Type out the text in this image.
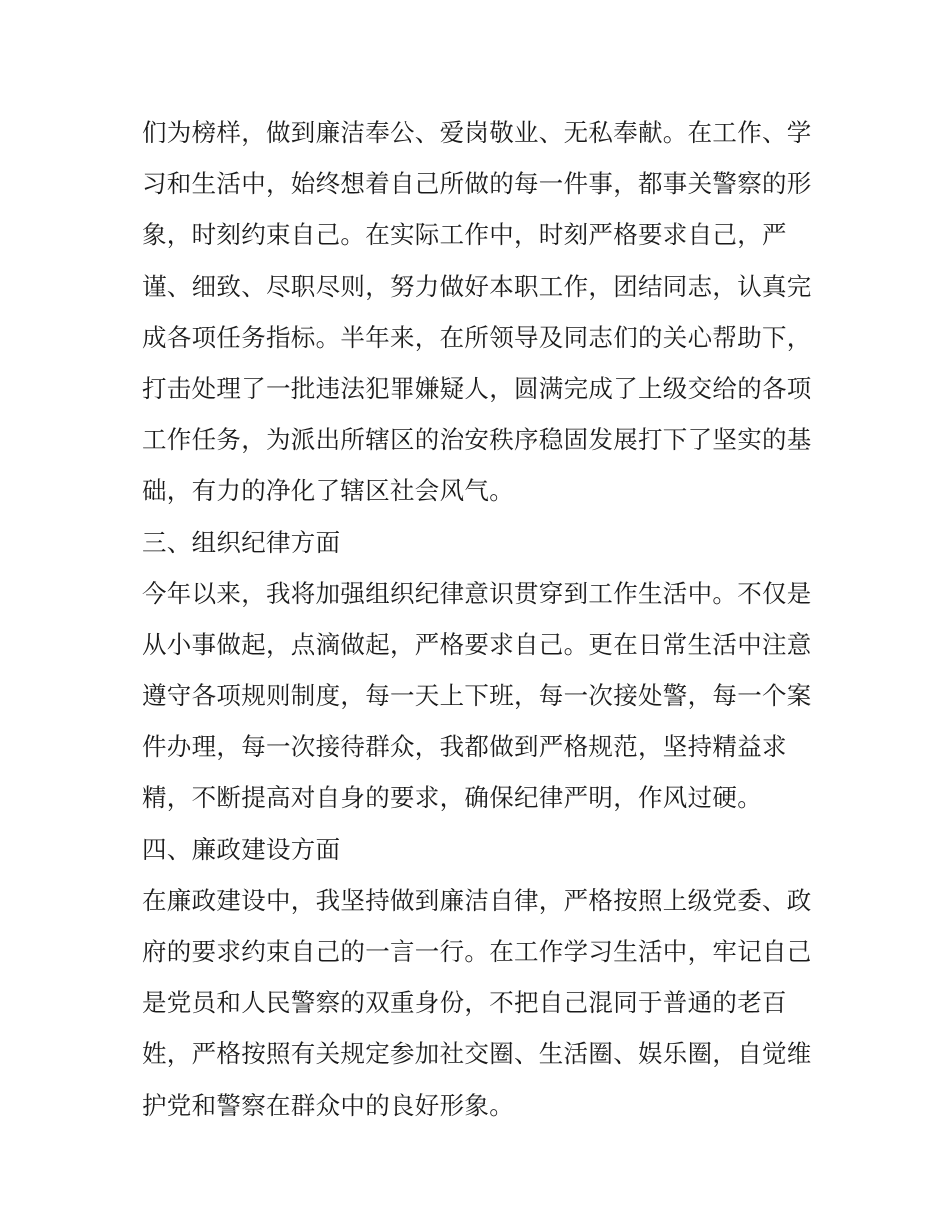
们为榜样，做到廉洁奉公、爱岗敬业、无私奉献。在工作、学
习和生活中，始终想着自己所做的每一件事，都事关警察的形
象，时刻约束自己。在实际工作中，时刻严格要求自己，严
谨、细致、尽职尽则，努力做好本职工作，团结同志，认真完
成各项任务指标。半年来，在所领导及同志们的关心帮助下，
打击处理了一批违法犯罪嫌疑人，圆满完成了上级交给的各项
工作任务，为派出所辖区的治安秩序稳固发展打下了坚实的基
础，有力的净化了辖区社会风气。
三、组织纪律方面
今年以来，我将加强组织纪律意识贯穿到工作生活中。不仅是
从小事做起，点滴做起，严格要求自己。更在日常生活中注意
遵守各项规则制度，每一天上下班，每一次接处警，每一个案
件办理，每一次接待群众，我都做到严格规范，坚持精益求
精，不断提高对自身的要求，确保纪律严明，作风过硬。
四、廉政建设方面
在廉政建设中，我坚持做到廉洁自律，严格按照上级党委、政
府的要求约束自己的一言一行。在工作学习生活中，牢记自己
是党员和人民警察的双重身份，不把自己混同于普通的老百
姓，严格按照有关规定参加社交圈、生活圈、娱乐圈，自觉维
护党和警察在群众中的良好形象。
